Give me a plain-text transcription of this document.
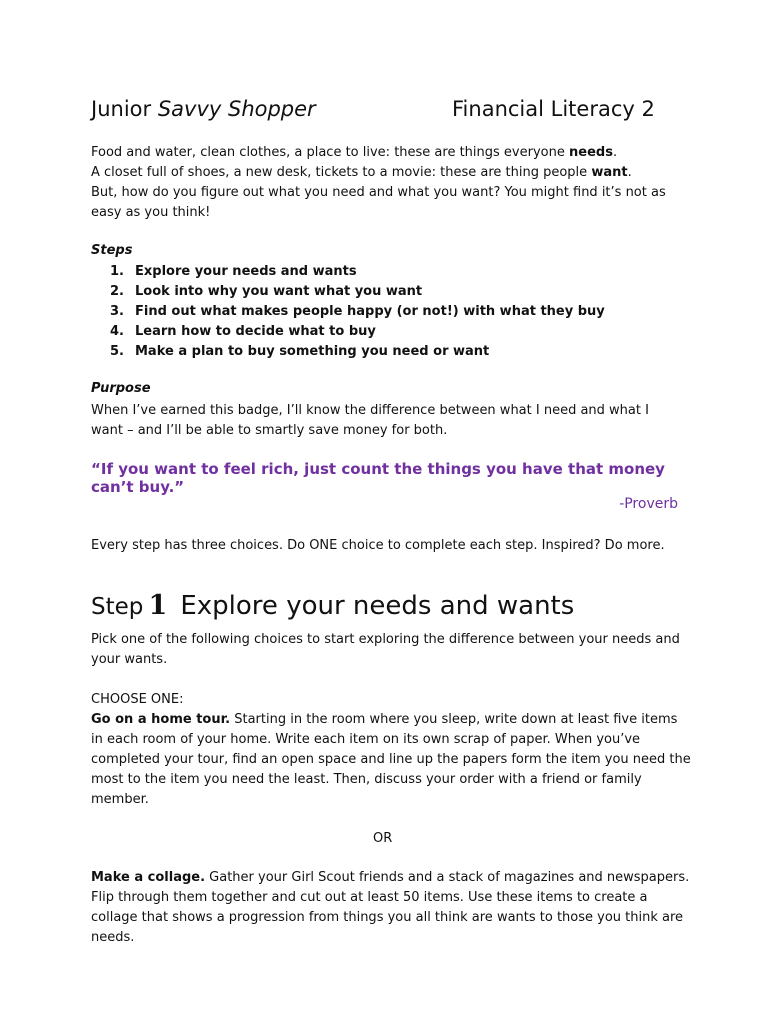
Junior Savvy Shopper	Financial Literacy 2
Food and water, clean clothes, a place to live: these are things everyone needs.
A closet full of shoes, a new desk, tickets to a movie: these are thing people want.
But, how do you figure out what you need and what you want? You might find it’s not as easy as you think!
Steps
1. Explore your needs and wants
2. Look into why you want what you want
3. Find out what makes people happy (or not!) with what they buy
4. Learn how to decide what to buy
5. Make a plan to buy something you need or want
Purpose
When I’ve earned this badge, I’ll know the difference between what I need and what I want – and I’ll be able to smartly save money for both.
“If you want to feel rich, just count the things you have that money can’t buy.”
-Proverb
Every step has three choices. Do ONE choice to complete each step. Inspired? Do more.
Step 1 Explore your needs and wants
Pick one of the following choices to start exploring the difference between your needs and your wants.
CHOOSE ONE:
Go on a home tour. Starting in the room where you sleep, write down at least five items in each room of your home. Write each item on its own scrap of paper. When you’ve completed your tour, find an open space and line up the papers form the item you need the most to the item you need the least. Then, discuss your order with a friend or family member.
OR
Make a collage. Gather your Girl Scout friends and a stack of magazines and newspapers. Flip through them together and cut out at least 50 items. Use these items to create a collage that shows a progression from things you all think are wants to those you think are needs.
